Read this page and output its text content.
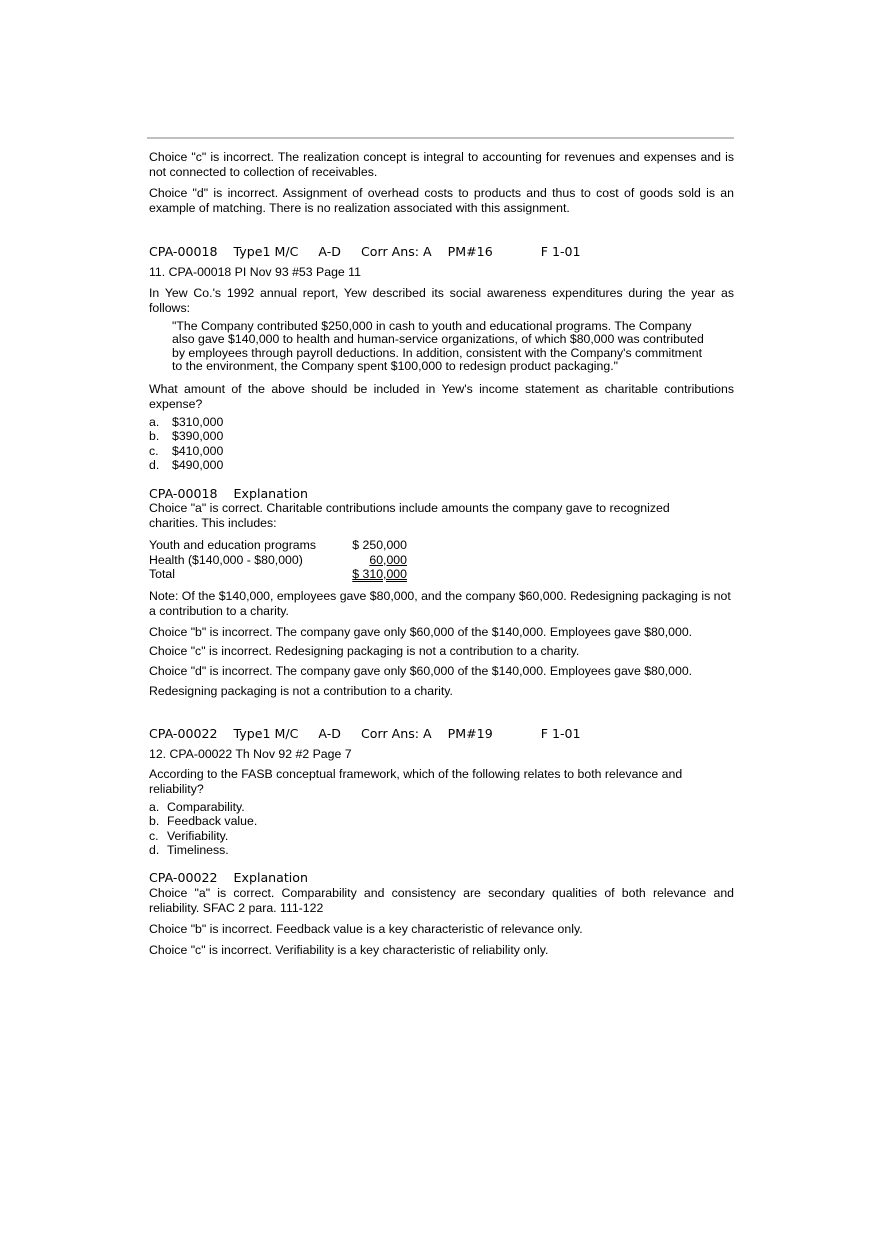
Choice "c" is incorrect. The realization concept is integral to accounting for revenues and expenses and is not connected to collection of receivables.

Choice "d" is incorrect. Assignment of overhead costs to products and thus to cost of goods sold is an example of matching. There is no realization associated with this assignment.

CPA-00018    Type1 M/C     A-D     Corr Ans: A    PM#16            F 1-01

11. CPA-00018 PI Nov 93 #53 Page 11

In Yew Co.'s 1992 annual report, Yew described its social awareness expenditures during the year as follows:

"The Company contributed $250,000 in cash to youth and educational programs. The Company also gave $140,000 to health and human-service organizations, of which $80,000 was contributed by employees through payroll deductions. In addition, consistent with the Company's commitment to the environment, the Company spent $100,000 to redesign product packaging."

What amount of the above should be included in Yew's income statement as charitable contributions expense?

a. $310,000
b. $390,000
c. $410,000
d. $490,000

CPA-00018    Explanation

Choice "a" is correct. Charitable contributions include amounts the company gave to recognized charities. This includes:

Youth and education programs	$ 250,000
Health ($140,000 - $80,000)	60,000
Total	$ 310,000

Note: Of the $140,000, employees gave $80,000, and the company $60,000. Redesigning packaging is not a contribution to a charity.

Choice "b" is incorrect. The company gave only $60,000 of the $140,000. Employees gave $80,000.

Choice "c" is incorrect. Redesigning packaging is not a contribution to a charity.

Choice "d" is incorrect. The company gave only $60,000 of the $140,000. Employees gave $80,000.

Redesigning packaging is not a contribution to a charity.

CPA-00022    Type1 M/C     A-D     Corr Ans: A    PM#19            F 1-01

12. CPA-00022 Th Nov 92 #2 Page 7

According to the FASB conceptual framework, which of the following relates to both relevance and reliability?

a. Comparability.
b. Feedback value.
c. Verifiability.
d. Timeliness.

CPA-00022    Explanation

Choice "a" is correct. Comparability and consistency are secondary qualities of both relevance and reliability. SFAC 2 para. 111-122

Choice "b" is incorrect. Feedback value is a key characteristic of relevance only.

Choice "c" is incorrect. Verifiability is a key characteristic of reliability only.
